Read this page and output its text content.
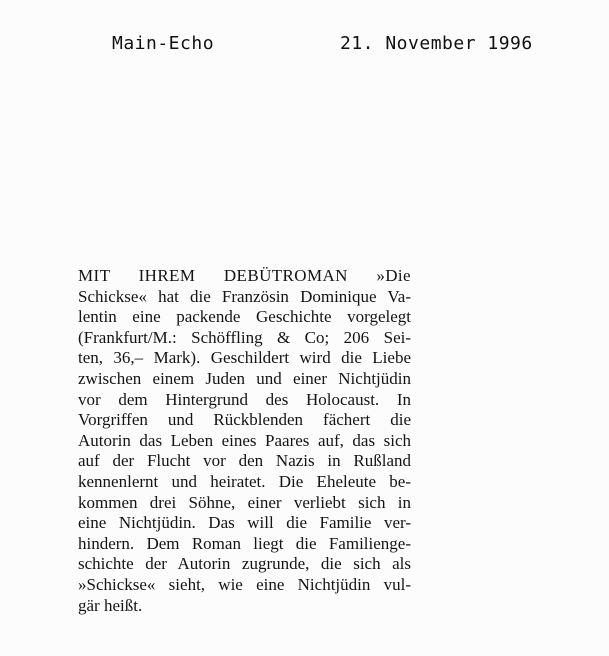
Main-Echo	21. November 1996
MIT IHREM DEBÜTROMAN »Die
Schickse« hat die Französin Dominique Va-
lentin eine packende Geschichte vorgelegt
(Frankfurt/M.: Schöffling & Co; 206 Sei-
ten, 36,– Mark). Geschildert wird die Liebe
zwischen einem Juden und einer Nichtjüdin
vor dem Hintergrund des Holocaust. In
Vorgriffen und Rückblenden fächert die
Autorin das Leben eines Paares auf, das sich
auf der Flucht vor den Nazis in Rußland
kennenlernt und heiratet. Die Eheleute be-
kommen drei Söhne, einer verliebt sich in
eine Nichtjüdin. Das will die Familie ver-
hindern. Dem Roman liegt die Familienge-
schichte der Autorin zugrunde, die sich als
»Schickse« sieht, wie eine Nichtjüdin vul-
gär heißt.
